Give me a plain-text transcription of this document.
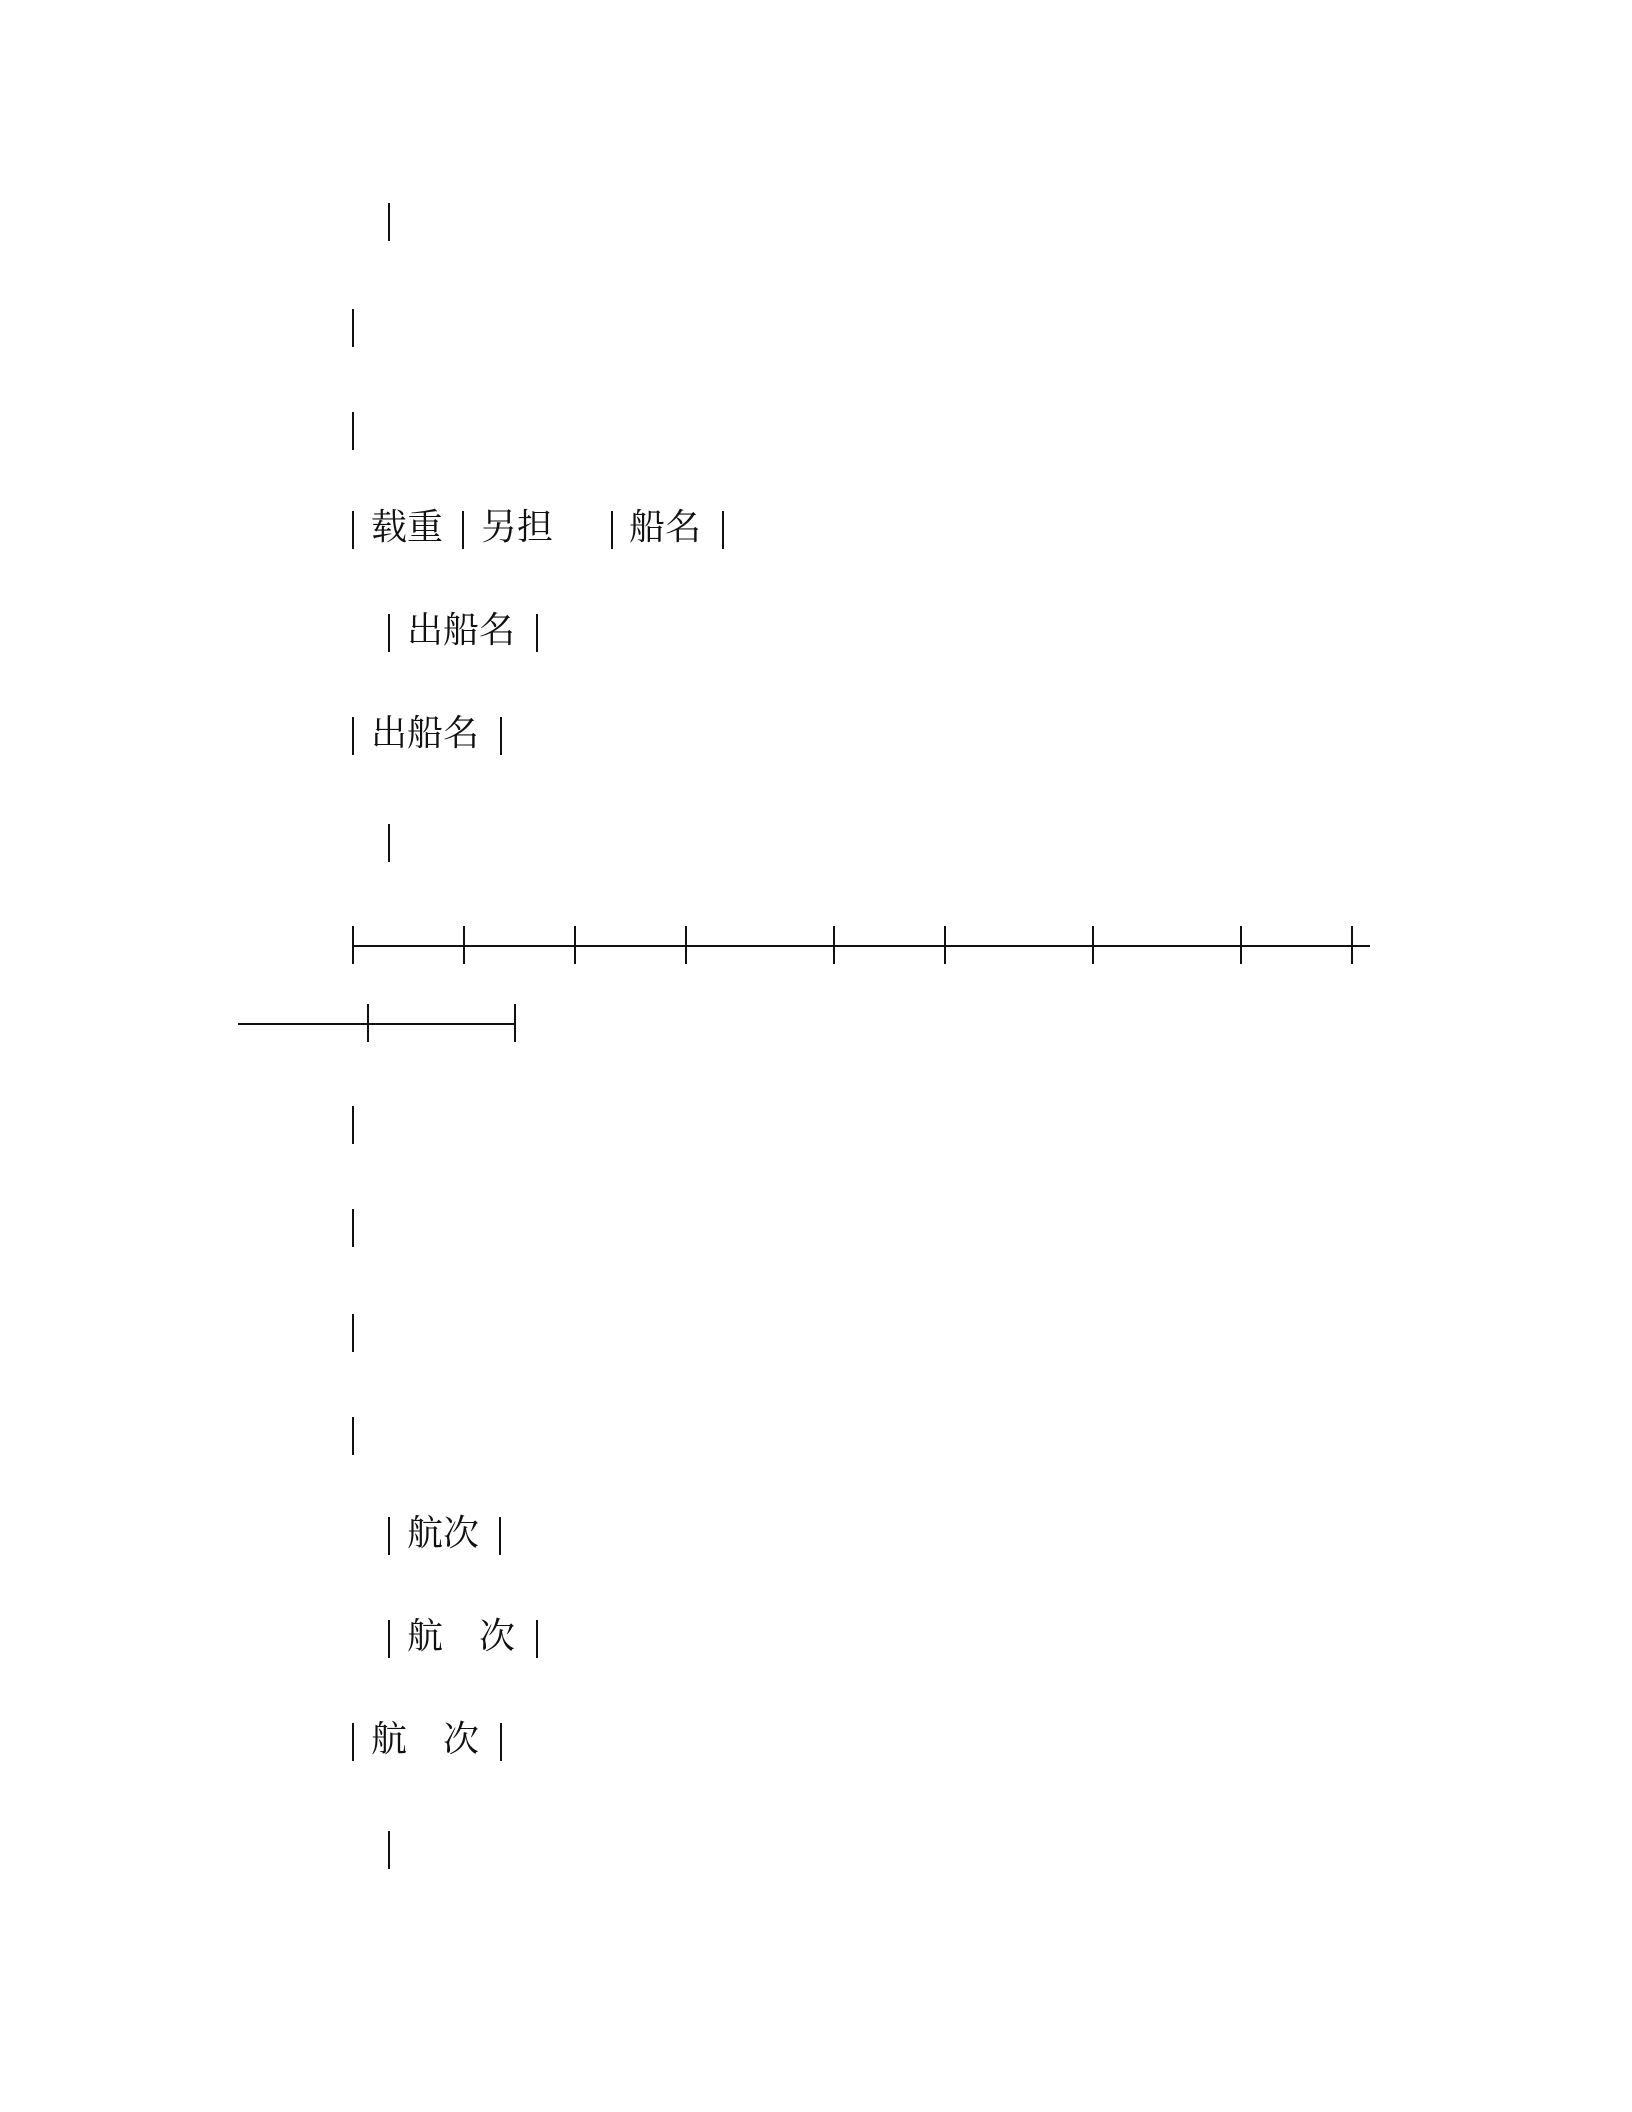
载重 另担 船名
出船名
出船名
航次
航　次
航　次
